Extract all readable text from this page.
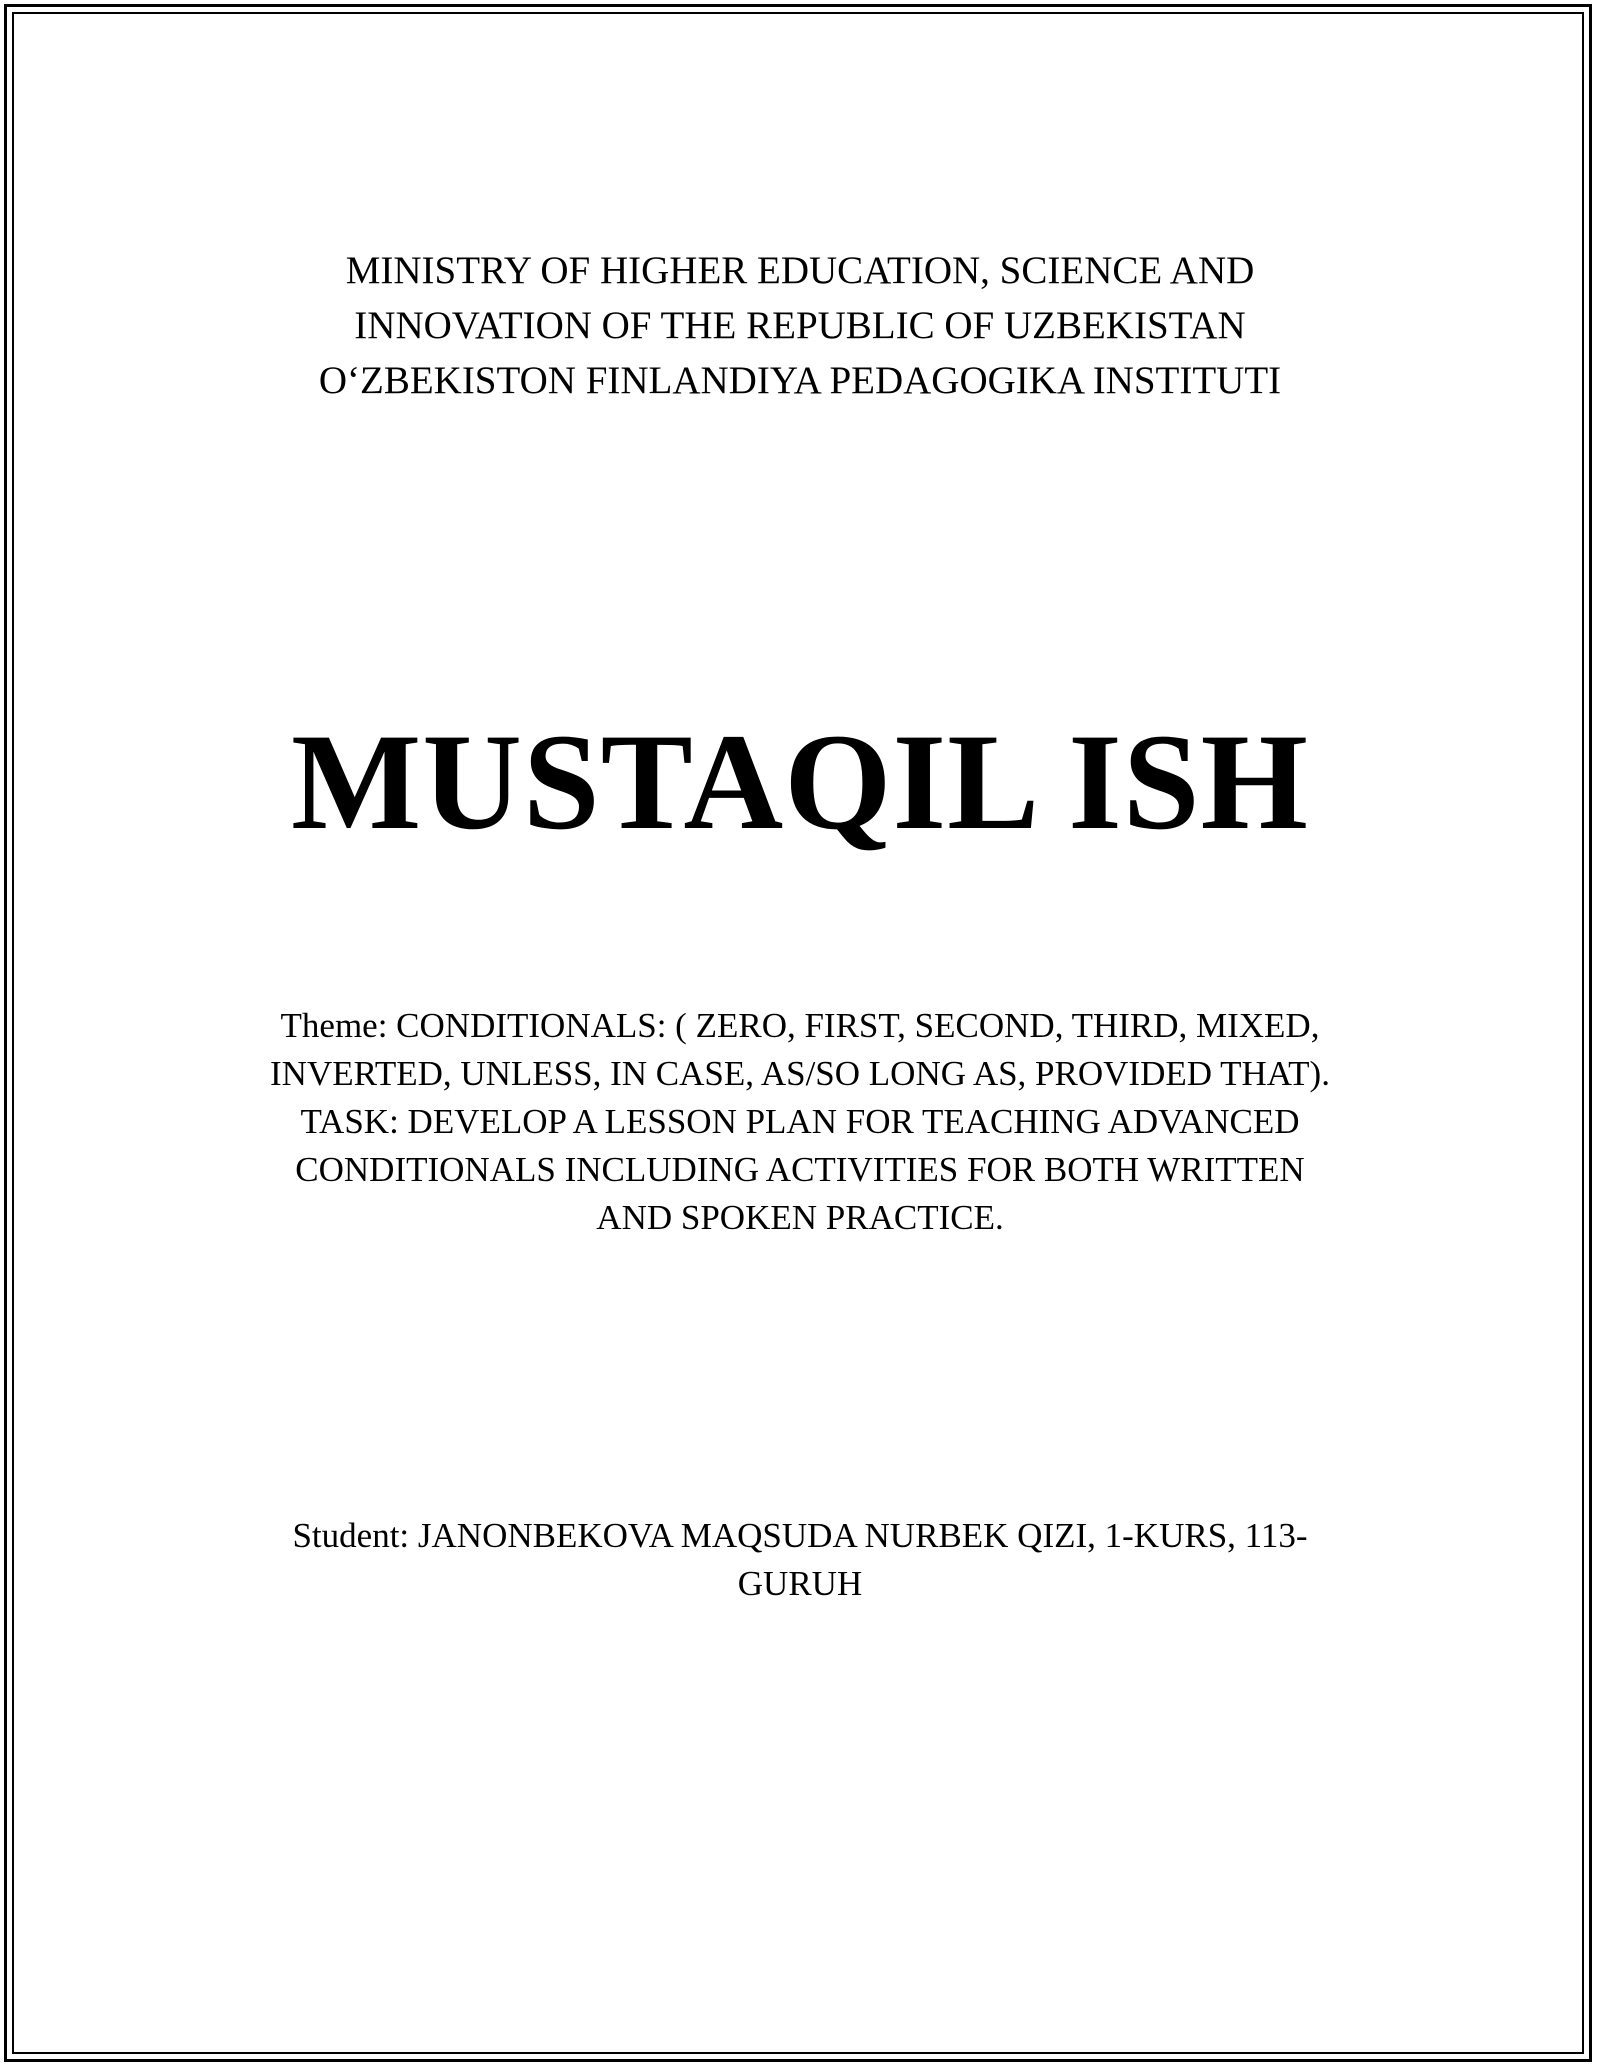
MINISTRY OF HIGHER EDUCATION, SCIENCE AND
INNOVATION OF THE REPUBLIC OF UZBEKISTAN
O‘ZBEKISTON FINLANDIYA PEDAGOGIKA INSTITUTI
MUSTAQIL ISH
Theme: CONDITIONALS: ( ZERO, FIRST, SECOND, THIRD, MIXED,
INVERTED, UNLESS, IN CASE, AS/SO LONG AS, PROVIDED THAT).
TASK: DEVELOP A LESSON PLAN FOR TEACHING ADVANCED
CONDITIONALS INCLUDING ACTIVITIES FOR BOTH WRITTEN
AND SPOKEN PRACTICE.
Student: JANONBEKOVA MAQSUDA NURBEK QIZI, 1-KURS, 113-
GURUH
